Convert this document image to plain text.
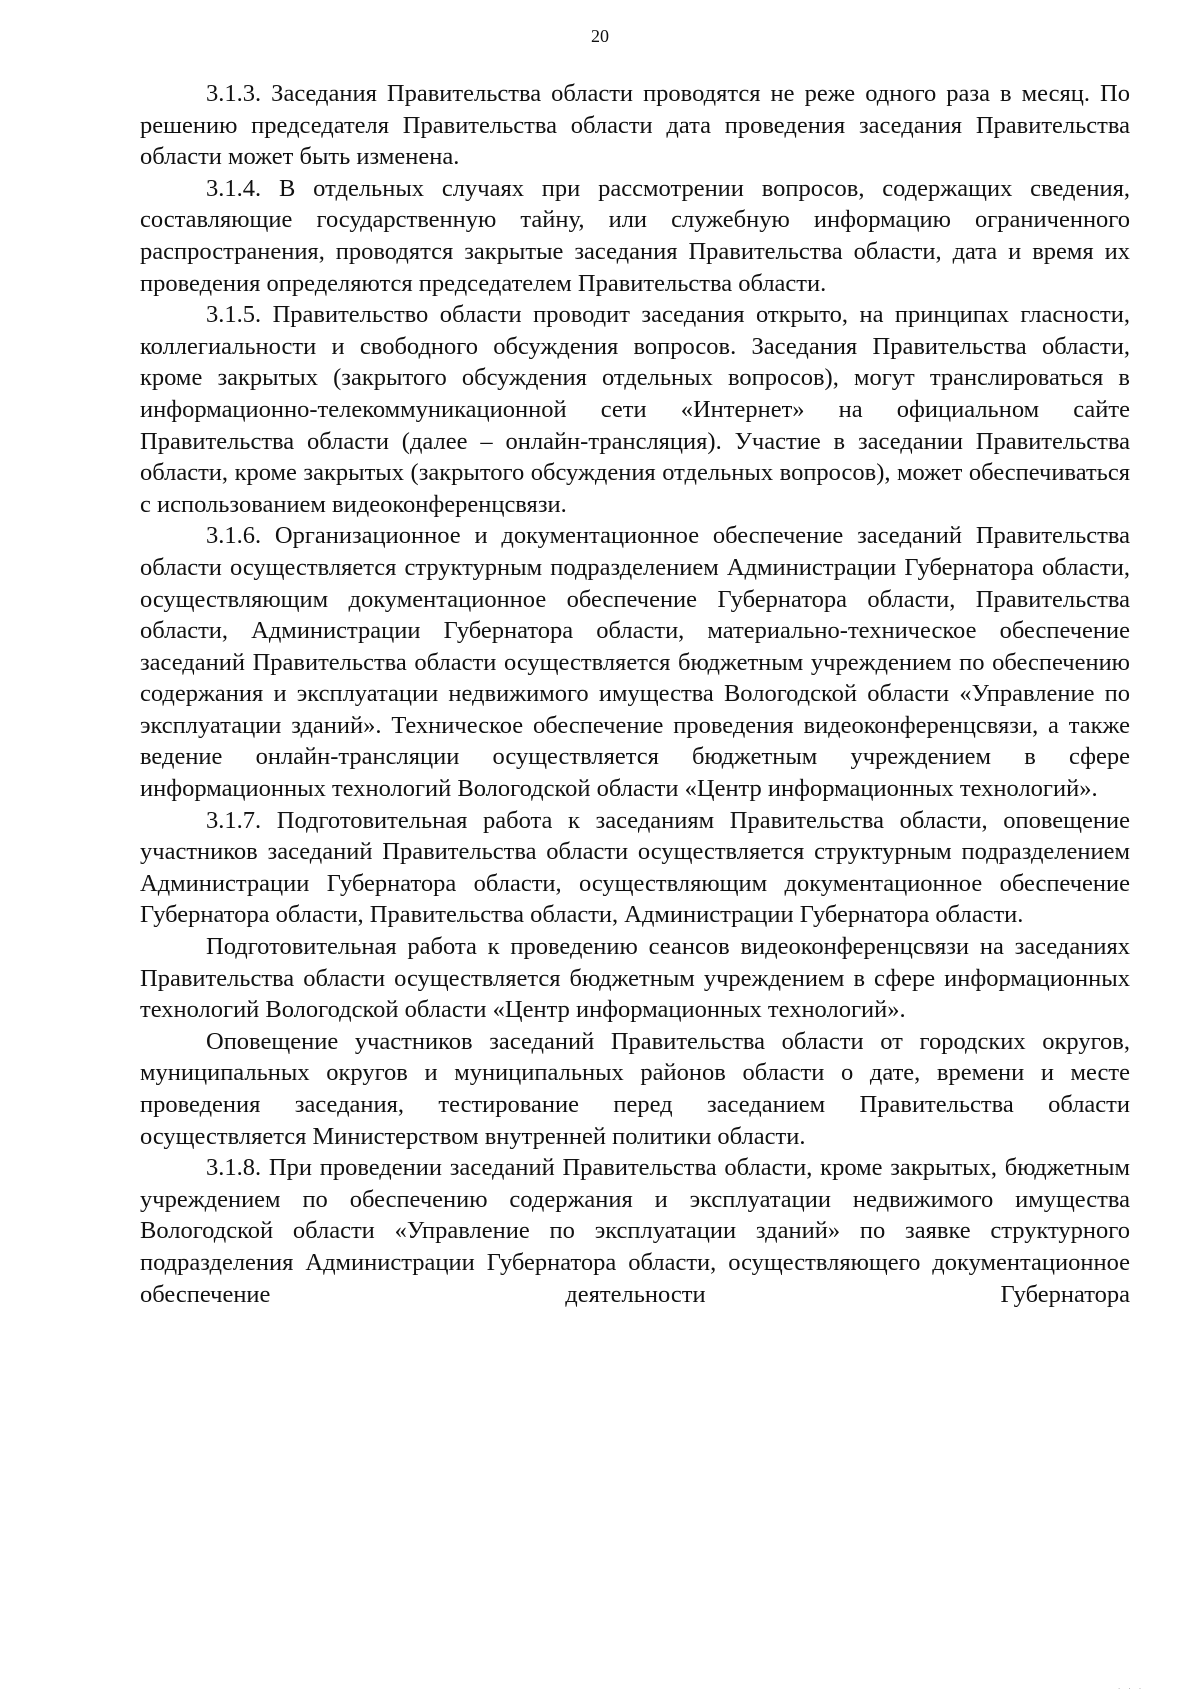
20

3.1.3. Заседания Правительства области проводятся не реже одного раза в месяц. По решению председателя Правительства области дата проведения заседания Правительства области может быть изменена.

3.1.4. В отдельных случаях при рассмотрении вопросов, содержащих сведения, составляющие государственную тайну, или служебную информацию ограниченного распространения, проводятся закрытые заседания Правительства области, дата и время их проведения определяются председателем Правительства области.

3.1.5. Правительство области проводит заседания открыто, на принципах гласности, коллегиальности и свободного обсуждения вопросов. Заседания Правительства области, кроме закрытых (закрытого обсуждения отдельных вопросов), могут транслироваться в информационно-телекоммуникационной сети «Интернет» на официальном сайте Правительства области (далее – онлайн-трансляция). Участие в заседании Правительства области, кроме закрытых (закрытого обсуждения отдельных вопросов), может обеспечиваться с использованием видеоконференцсвязи.

3.1.6. Организационное и документационное обеспечение заседаний Правительства области осуществляется структурным подразделением Администрации Губернатора области, осуществляющим документационное обеспечение Губернатора области, Правительства области, Администрации Губернатора области, материально-техническое обеспечение заседаний Правительства области осуществляется бюджетным учреждением по обеспечению содержания и эксплуатации недвижимого имущества Вологодской области «Управление по эксплуатации зданий». Техническое обеспечение проведения видеоконференцсвязи, а также ведение онлайн-трансляции осуществляется бюджетным учреждением в сфере информационных технологий Вологодской области «Центр информационных технологий».

3.1.7. Подготовительная работа к заседаниям Правительства области, оповещение участников заседаний Правительства области осуществляется структурным подразделением Администрации Губернатора области, осуществляющим документационное обеспечение Губернатора области, Правительства области, Администрации Губернатора области.

Подготовительная работа к проведению сеансов видеоконференцсвязи на заседаниях Правительства области осуществляется бюджетным учреждением в сфере информационных технологий Вологодской области «Центр информационных технологий».

Оповещение участников заседаний Правительства области от городских округов, муниципальных округов и муниципальных районов области о дате, времени и месте проведения заседания, тестирование перед заседанием Правительства области осуществляется Министерством внутренней политики области.

3.1.8. При проведении заседаний Правительства области, кроме закрытых, бюджетным учреждением по обеспечению содержания и эксплуатации недвижимого имущества Вологодской области «Управление по эксплуатации зданий» по заявке структурного подразделения Администрации Губернатора области, осуществляющего документационное обеспечение деятельности Губернатора

· · ·
